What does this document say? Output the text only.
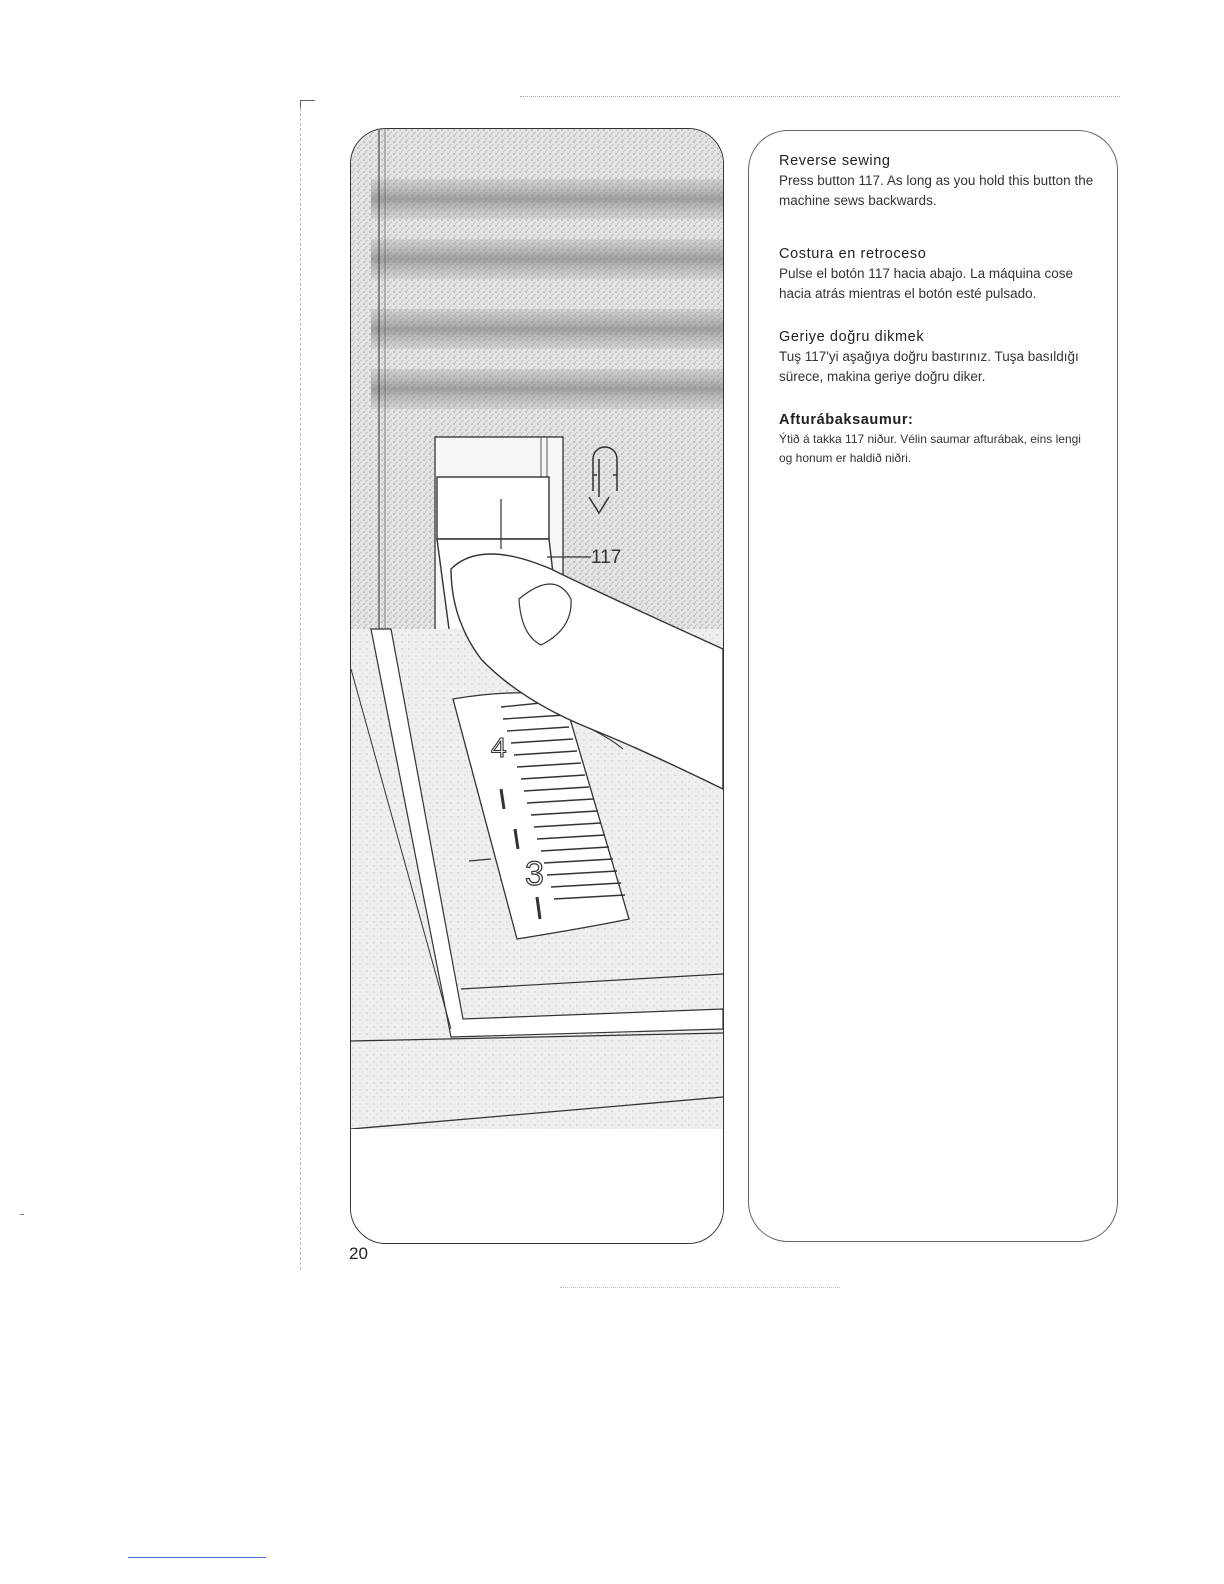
117
4
3
Reverse sewing

Press button 117. As long as you hold this button the machine sews backwards.

Costura en retroceso

Pulse el botón 117 hacia abajo. La máquina cose hacia atrás mientras el botón esté pulsado.

Geriye doğru dikmek

Tuş 117'yi aşağıya doğru bastırınız. Tuşa basıldığı sürece, makina geriye doğru diker.

Afturábaksaumur:

Ýtið á takka 117 niður. Vélin saumar afturábak, eins lengi og honum er haldið niðri.

20
